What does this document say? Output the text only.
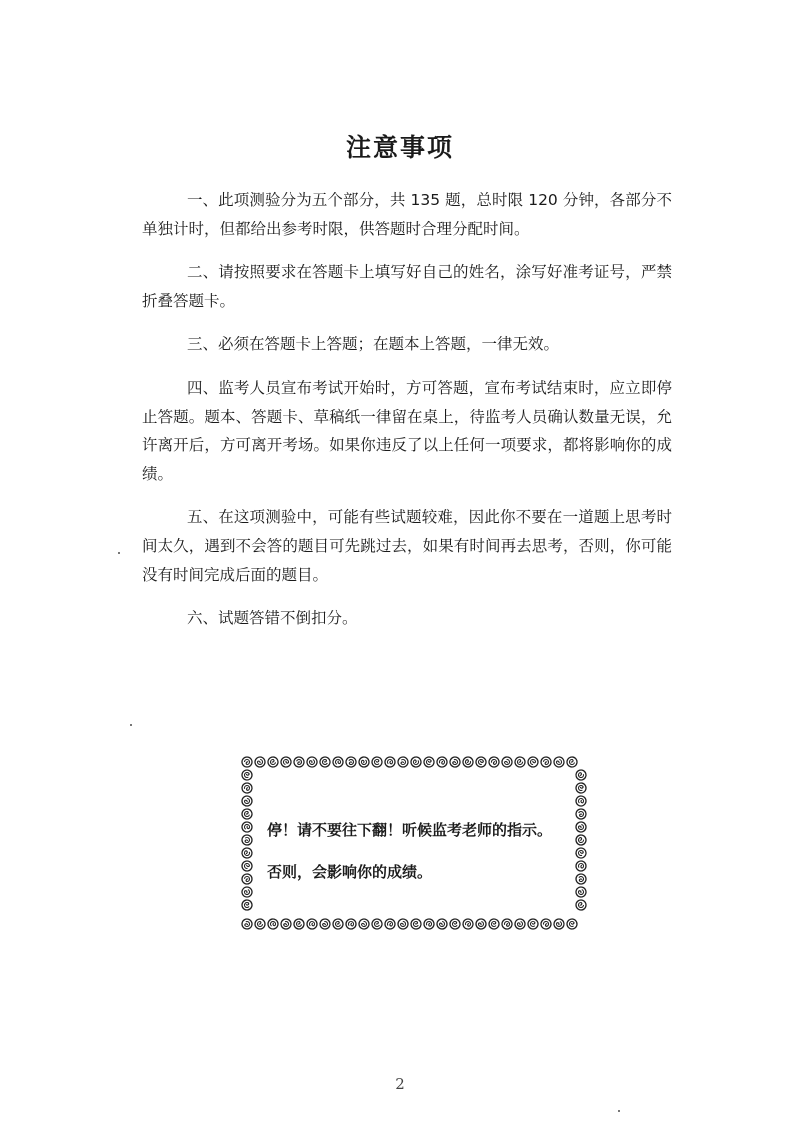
注意事项

一、此项测验分为五个部分，共 135 题，总时限 120 分钟，各部分不单独计时，但都给出参考时限，供答题时合理分配时间。

二、请按照要求在答题卡上填写好自己的姓名，涂写好准考证号，严禁折叠答题卡。

三、必须在答题卡上答题；在题本上答题，一律无效。

四、监考人员宣布考试开始时，方可答题，宣布考试结束时，应立即停止答题。题本、答题卡、草稿纸一律留在桌上，待监考人员确认数量无误，允许离开后，方可离开考场。如果你违反了以上任何一项要求，都将影响你的成绩。

五、在这项测验中，可能有些试题较难，因此你不要在一道题上思考时间太久，遇到不会答的题目可先跳过去，如果有时间再去思考，否则，你可能没有时间完成后面的题目。

六、试题答错不倒扣分。

停！请不要往下翻！听候监考老师的指示。
否则，会影响你的成绩。
2
